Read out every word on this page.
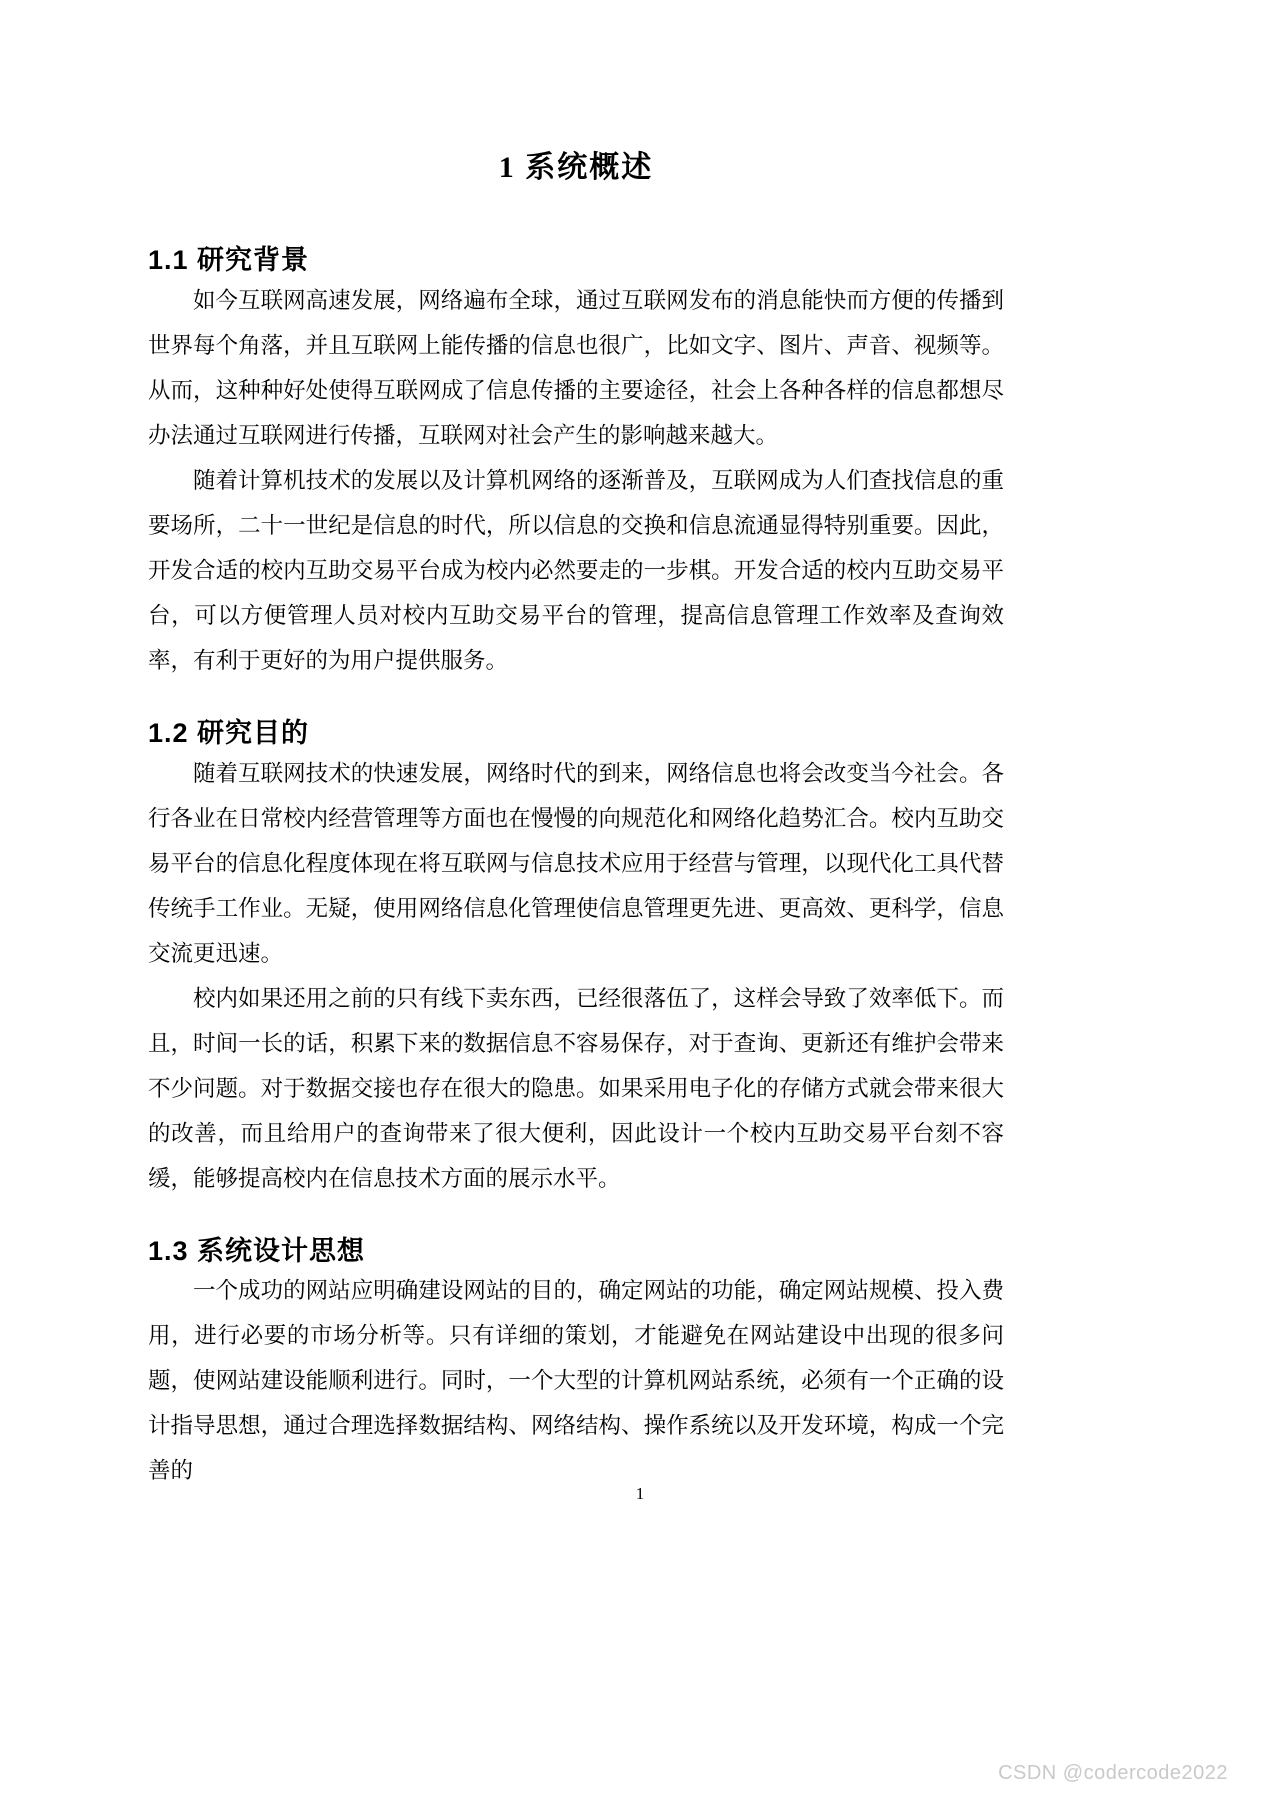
1 系统概述
1.1 研究背景

如今互联网高速发展，网络遍布全球，通过互联网发布的消息能快而方便的传播到世界每个角落，并且互联网上能传播的信息也很广，比如文字、图片、声音、视频等。从而，这种种好处使得互联网成了信息传播的主要途径，社会上各种各样的信息都想尽办法通过互联网进行传播，互联网对社会产生的影响越来越大。

随着计算机技术的发展以及计算机网络的逐渐普及，互联网成为人们查找信息的重要场所，二十一世纪是信息的时代，所以信息的交换和信息流通显得特别重要。因此，开发合适的校内互助交易平台成为校内必然要走的一步棋。开发合适的校内互助交易平台，可以方便管理人员对校内互助交易平台的管理，提高信息管理工作效率及查询效率，有利于更好的为用户提供服务。

1.2 研究目的

随着互联网技术的快速发展，网络时代的到来，网络信息也将会改变当今社会。各行各业在日常校内经营管理等方面也在慢慢的向规范化和网络化趋势汇合。校内互助交易平台的信息化程度体现在将互联网与信息技术应用于经营与管理，以现代化工具代替传统手工作业。无疑，使用网络信息化管理使信息管理更先进、更高效、更科学，信息交流更迅速。

校内如果还用之前的只有线下卖东西，已经很落伍了，这样会导致了效率低下。而且，时间一长的话，积累下来的数据信息不容易保存，对于查询、更新还有维护会带来不少问题。对于数据交接也存在很大的隐患。如果采用电子化的存储方式就会带来很大的改善，而且给用户的查询带来了很大便利，因此设计一个校内互助交易平台刻不容缓，能够提高校内在信息技术方面的展示水平。

1.3 系统设计思想

一个成功的网站应明确建设网站的目的，确定网站的功能，确定网站规模、投入费用，进行必要的市场分析等。只有详细的策划，才能避免在网站建设中出现的很多问题，使网站建设能顺利进行。同时，一个大型的计算机网站系统，必须有一个正确的设计指导思想，通过合理选择数据结构、网络结构、操作系统以及开发环境，构成一个完善的

1
CSDN @codercode2022
